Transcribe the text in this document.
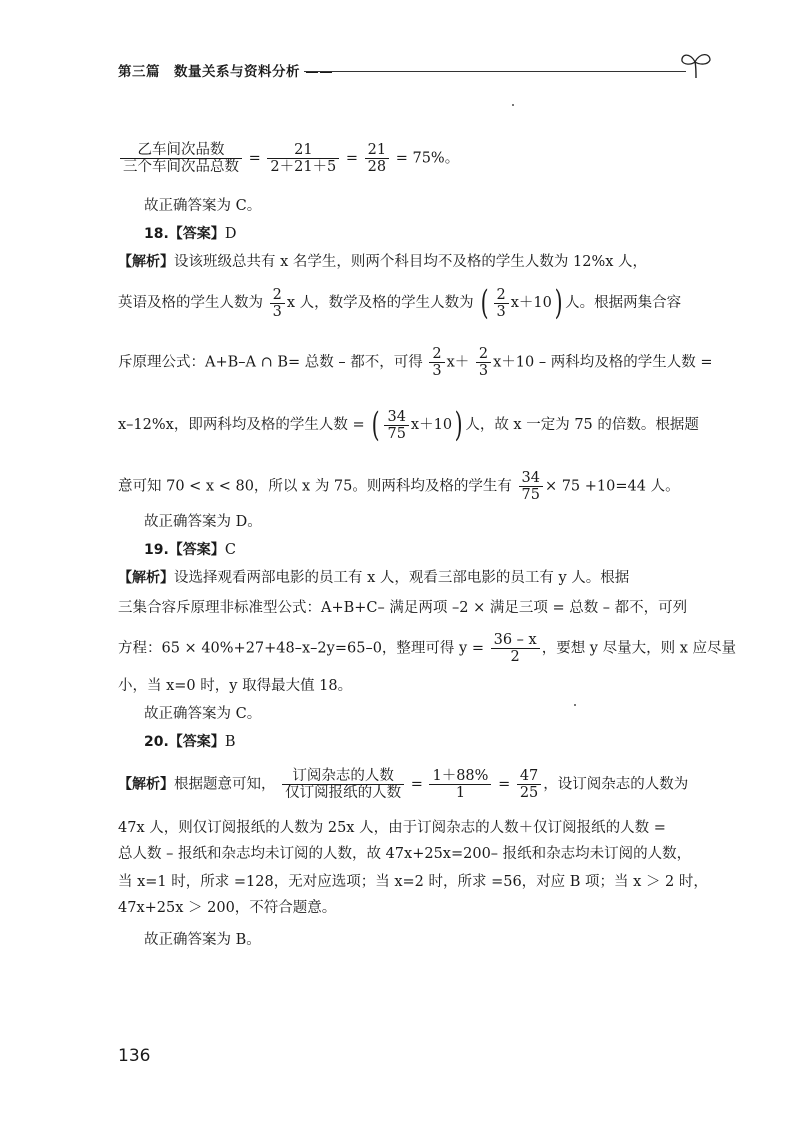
第三篇　数量关系与资料分析 ——
$\frac{\text{乙车间次品数}}{\text{三个车间次品总数}} = \frac{21}{2+21+5} = \frac{21}{28} = 75\%$。
故正确答案为 C。
18.【答案】D
【解析】设该班级总共有 x 名学生，则两个科目均不及格的学生人数为 12%x 人，
英语及格的学生人数为 $\frac{2}{3}$ x 人，数学及格的学生人数为 ( $\frac{2}{3} x+10$) 人。根据两集合容
斥原理公式：A+B–A ∩ B= 总数 – 都不，可得 $\frac{2}{3} x+ \frac{2}{3} x+10$ – 两科均及格的学生人数 =
x–12%x，即两科均及格的学生人数 = ( $\frac{34}{75} x+10$) 人，故 x 一定为 75 的倍数。根据题
意可知 70 < x < 80，所以 x 为 75。则两科均及格的学生有 $\frac{34}{75} \times 75 +10=44$ 人。
故正确答案为 D。
19.【答案】C
【解析】设选择观看两部电影的员工有 x 人，观看三部电影的员工有 y 人。根据
三集合容斥原理非标准型公式：A+B+C– 满足两项 –2 × 满足三项 = 总数 – 都不，可列
方程：65 × 40%+27+48–x–2y=65–0，整理可得 $y = \frac{36 - x}{2}$ ，要想 y 尽量大，则 x 应尽量
小，当 x=0 时，y 取得最大值 18。
故正确答案为 C。
20.【答案】B
【解析】根据题意可知， $\frac{\text{订阅杂志的人数}}{\text{仅订阅报纸的人数}} = \frac{1+88\%}{1} = \frac{47}{25}$ ，设订阅杂志的人数为
47x 人，则仅订阅报纸的人数为 25x 人，由于订阅杂志的人数＋仅订阅报纸的人数 =
总人数 – 报纸和杂志均未订阅的人数，故 47x+25x=200– 报纸和杂志均未订阅的人数，
当 x=1 时，所求 =128，无对应选项；当 x=2 时，所求 =56，对应 B 项；当 x ＞ 2 时，
47x+25x ＞ 200，不符合题意。
故正确答案为 B。
136
